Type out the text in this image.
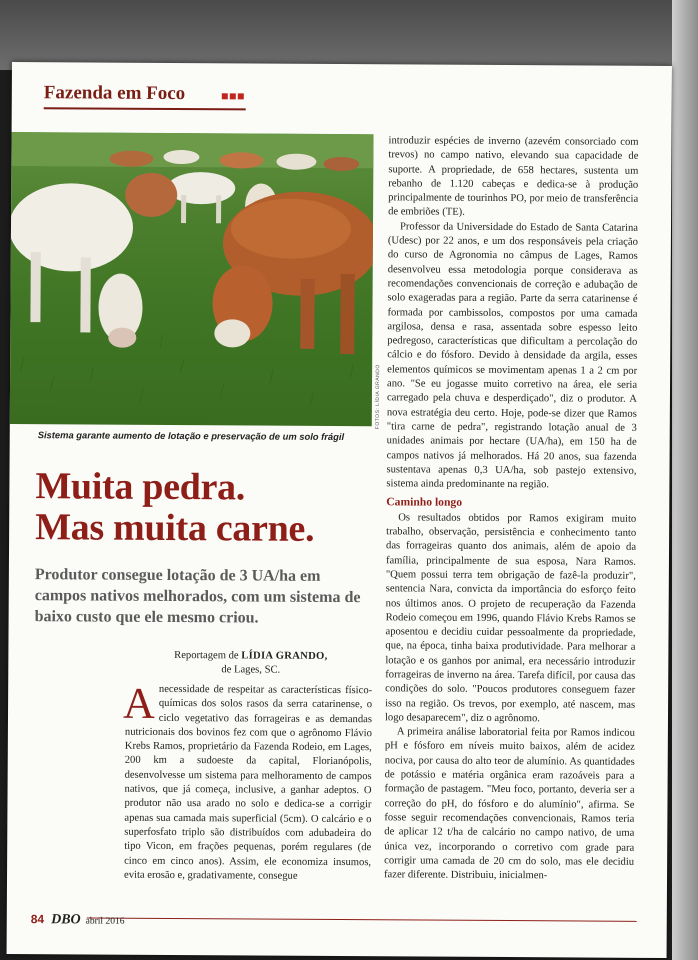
Fazenda em Foco
FOTOS: LÍDIA GRANDO
Sistema garante aumento de lotação e preservação de um solo frágil
Muita pedra.
Mas muita carne.
Produtor consegue lotação de 3 UA/ha em campos nativos melhorados, com um sistema de baixo custo que ele mesmo criou.
Reportagem de LÍDIA GRANDO,
de Lages, SC.

Anecessidade de respeitar as características físico-químicas dos solos rasos da serra catarinense, o ciclo vegetativo das forrageiras e as demandas nutricionais dos bovinos fez com que o agrônomo Flávio Krebs Ramos, proprietário da Fazenda Rodeio, em Lages, 200 km a sudoeste da capital, Florianópolis, desenvolvesse um sistema para melhoramento de campos nativos, que já começa, inclusive, a ganhar adeptos. O produtor não usa arado no solo e dedica-se a corrigir apenas sua camada mais superficial (5cm). O calcário e o superfosfato triplo são distribuídos com adubadeira do tipo Vicon, em frações pequenas, porém regulares (de cinco em cinco anos). Assim, ele economiza insumos, evita erosão e, gradativamente, consegue

introduzir espécies de inverno (azevém consorciado com trevos) no campo nativo, elevando sua capacidade de suporte. A propriedade, de 658 hectares, sustenta um rebanho de 1.120 cabeças e dedica-se à produção principalmente de tourinhos PO, por meio de transferência de embriões (TE).

Professor da Universidade do Estado de Santa Catarina (Udesc) por 22 anos, e um dos responsáveis pela criação do curso de Agronomia no câmpus de Lages, Ramos desenvolveu essa metodologia porque considerava as recomendações convencionais de correção e adubação de solo exageradas para a região. Parte da serra catarinense é formada por cambissolos, compostos por uma camada argilosa, densa e rasa, assentada sobre espesso leito pedregoso, características que dificultam a percolação do cálcio e do fósforo. Devido à densidade da argila, esses elementos químicos se movimentam apenas 1 a 2 cm por ano. "Se eu jogasse muito corretivo na área, ele seria carregado pela chuva e desperdiçado", diz o produtor. A nova estratégia deu certo. Hoje, pode-se dizer que Ramos "tira carne de pedra", registrando lotação anual de 3 unidades animais por hectare (UA/ha), em 150 ha de campos nativos já melhorados. Há 20 anos, sua fazenda sustentava apenas 0,3 UA/ha, sob pastejo extensivo, sistema ainda predominante na região.

Caminho longo

Os resultados obtidos por Ramos exigiram muito trabalho, observação, persistência e conhecimento tanto das forrageiras quanto dos animais, além de apoio da família, principalmente de sua esposa, Nara Ramos. "Quem possui terra tem obrigação de fazê-la produzir", sentencia Nara, convicta da importância do esforço feito nos últimos anos. O projeto de recuperação da Fazenda Rodeio começou em 1996, quando Flávio Krebs Ramos se aposentou e decidiu cuidar pessoalmente da propriedade, que, na época, tinha baixa produtividade. Para melhorar a lotação e os ganhos por animal, era necessário introduzir forrageiras de inverno na área. Tarefa difícil, por causa das condições do solo. "Poucos produtores conseguem fazer isso na região. Os trevos, por exemplo, até nascem, mas logo desaparecem", diz o agrônomo.

A primeira análise laboratorial feita por Ramos indicou pH e fósforo em níveis muito baixos, além de acidez nociva, por causa do alto teor de alumínio. As quantidades de potássio e matéria orgânica eram razoáveis para a formação de pastagem. "Meu foco, portanto, deveria ser a correção do pH, do fósforo e do alumínio", afirma. Se fosse seguir recomendações convencionais, Ramos teria de aplicar 12 t/ha de calcário no campo nativo, de uma única vez, incorporando o corretivo com grade para corrigir uma camada de 20 cm do solo, mas ele decidiu fazer diferente. Distribuiu, inicialmen-

84 DBO abril 2016
